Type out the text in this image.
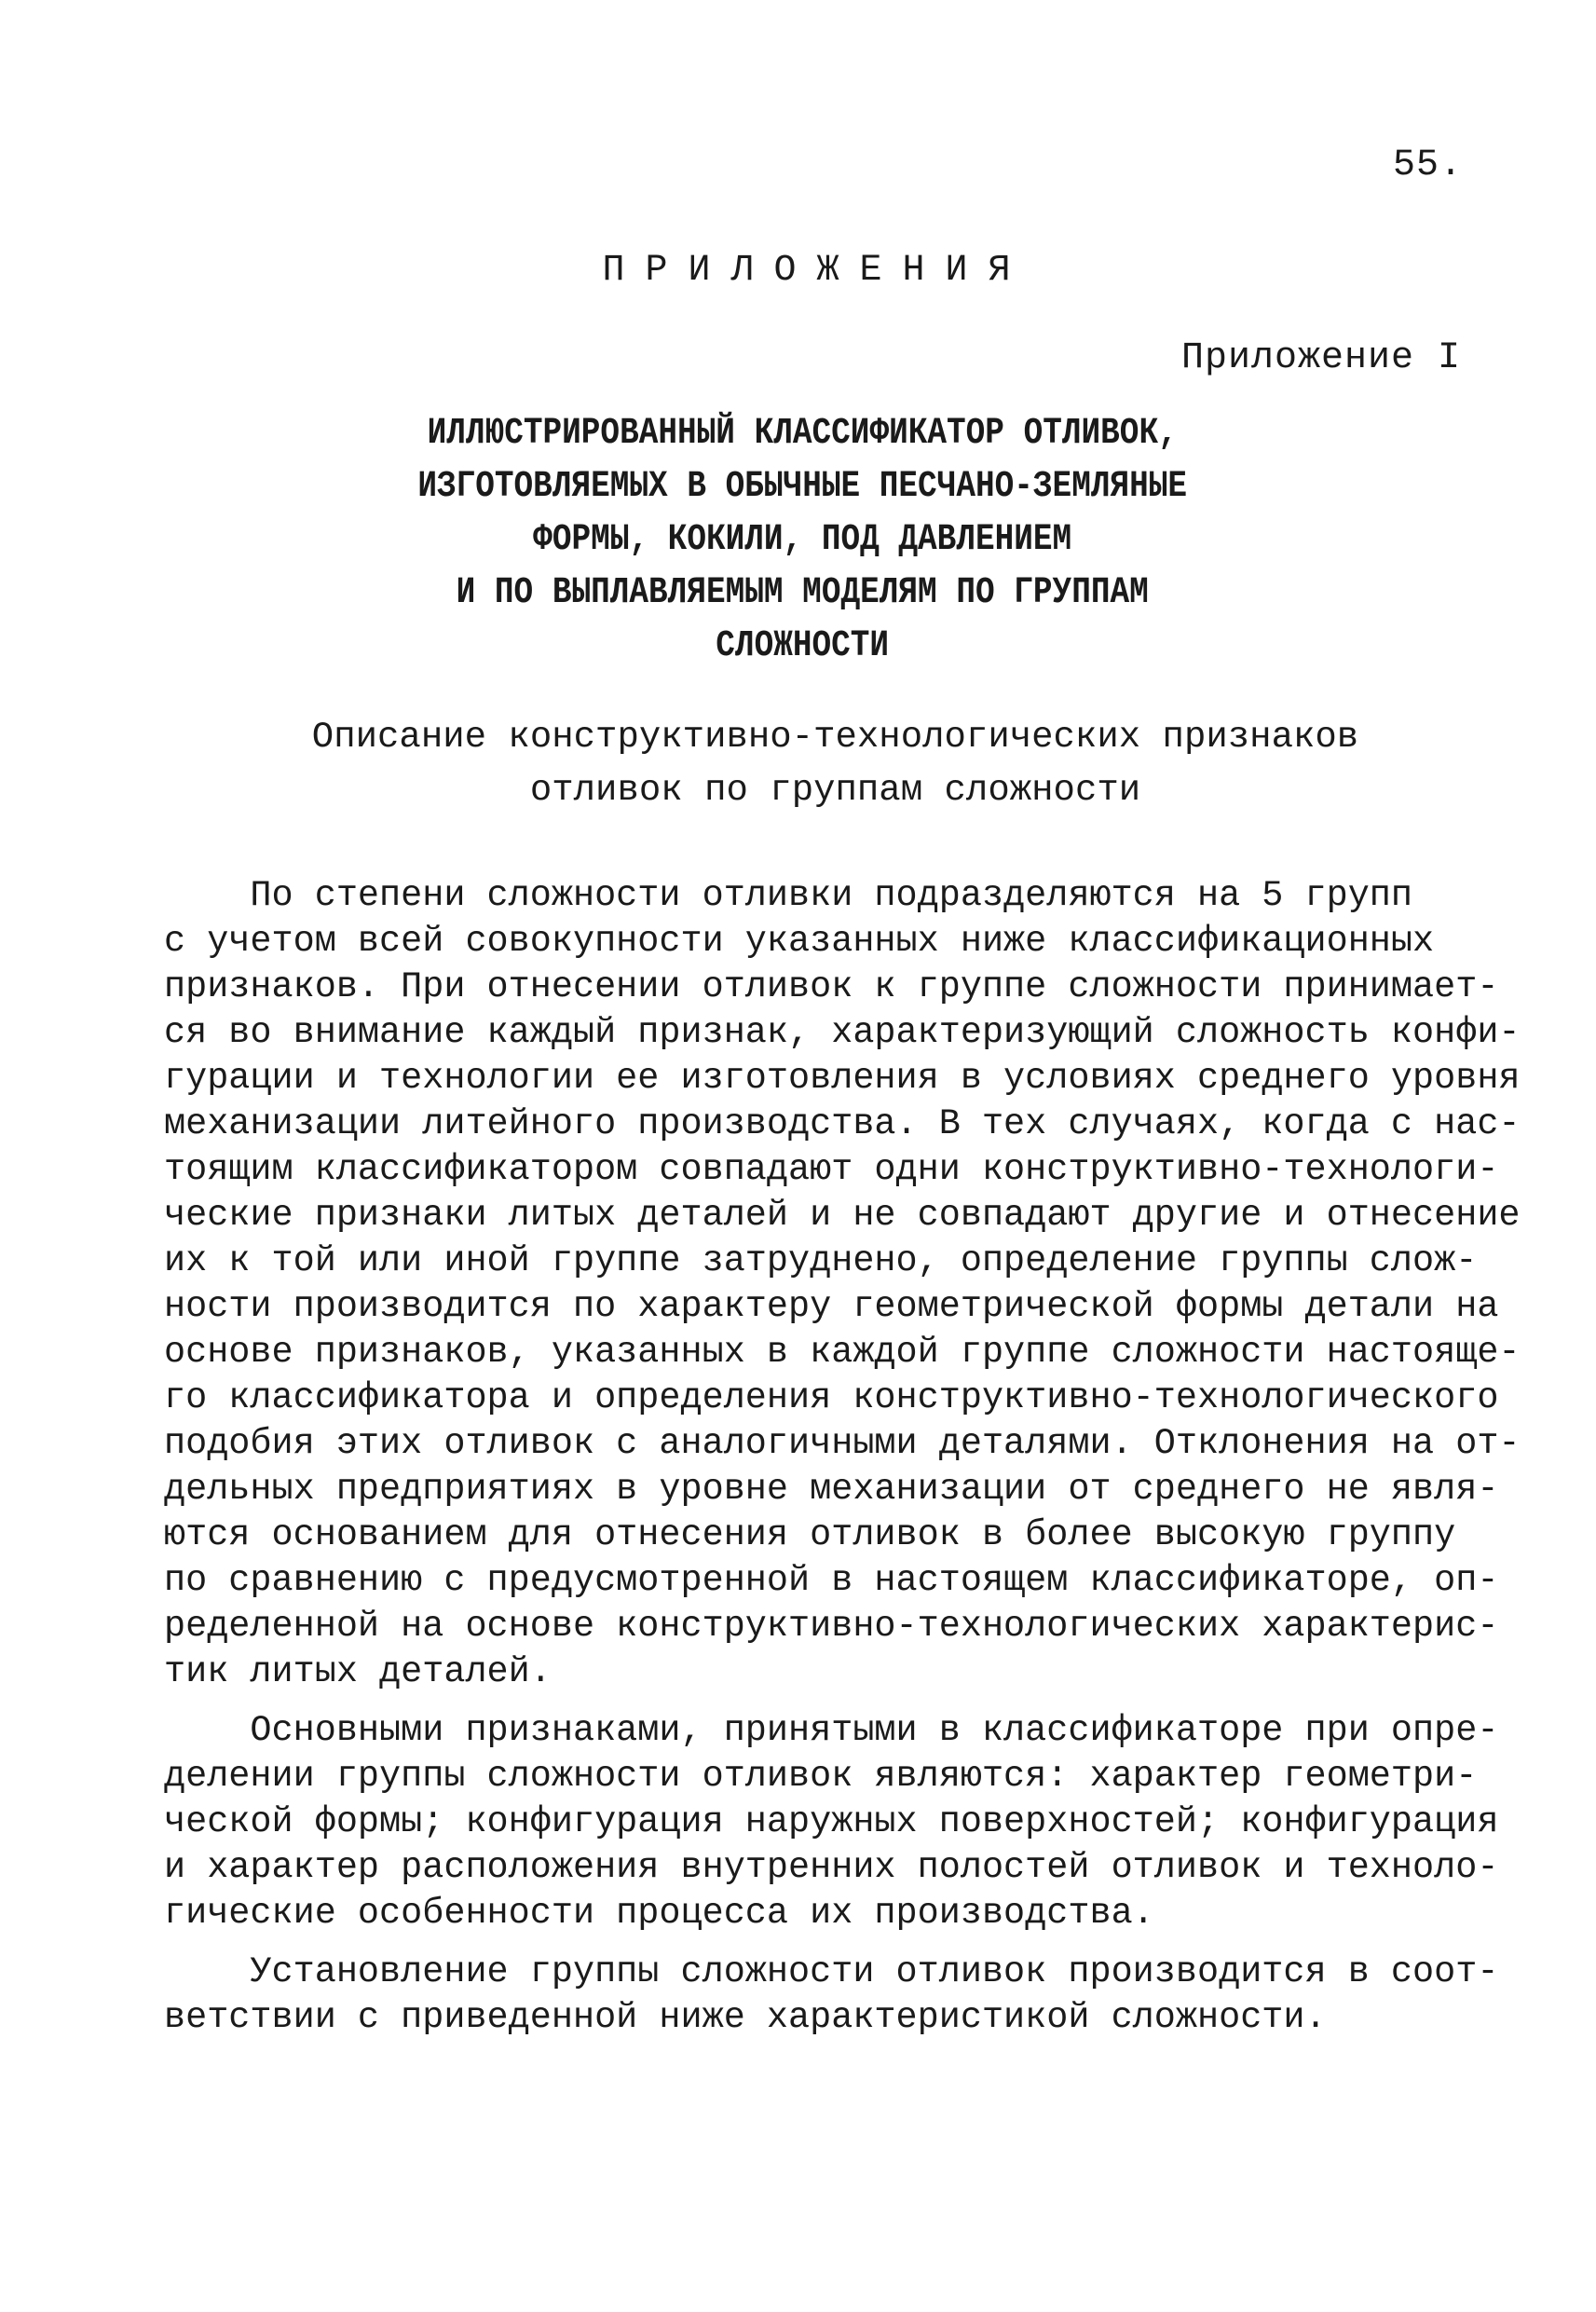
55.
ПРИЛОЖЕНИЯ
Приложение I
ИЛЛЮСТРИРОВАННЫЙ КЛАССИФИКАТОР ОТЛИВОК,
ИЗГОТОВЛЯЕМЫХ В ОБЫЧНЫЕ ПЕСЧАНО-ЗЕМЛЯНЫЕ
ФОРМЫ, КОКИЛИ, ПОД ДАВЛЕНИЕМ
И ПО ВЫПЛАВЛЯЕМЫМ МОДЕЛЯМ ПО ГРУППАМ
СЛОЖНОСТИ
Описание конструктивно-технологических признаков
отливок по группам сложности
По степени сложности отливки подразделяются на 5 групп
с учетом всей совокупности указанных ниже классификационных
признаков. При отнесении отливок к группе сложности принимает-
ся во внимание каждый признак, характеризующий сложность конфи-
гурации и технологии ее изготовления в условиях среднего уровня
механизации литейного производства. В тех случаях, когда с нас-
тоящим классификатором совпадают одни конструктивно-технологи-
ческие признаки литых деталей и не совпадают другие и отнесение
их к той или иной группе затруднено, определение группы слож-
ности производится по характеру геометрической формы детали на
основе признаков, указанных в каждой группе сложности настояще-
го классификатора и определения конструктивно-технологического
подобия этих отливок с аналогичными деталями. Отклонения на от-
дельных предприятиях в уровне механизации от среднего не явля-
ются основанием для отнесения отливок в более высокую группу
по сравнению с предусмотренной в настоящем классификаторе, оп-
ределенной на основе конструктивно-технологических характерис-
тик литых деталей.
Основными признаками, принятыми в классификаторе при опре-
делении группы сложности отливок являются: характер геометри-
ческой формы; конфигурация наружных поверхностей; конфигурация
и характер расположения внутренних полостей отливок и техноло-
гические особенности процесса их производства.
Установление группы сложности отливок производится в соот-
ветствии с приведенной ниже характеристикой сложности.
